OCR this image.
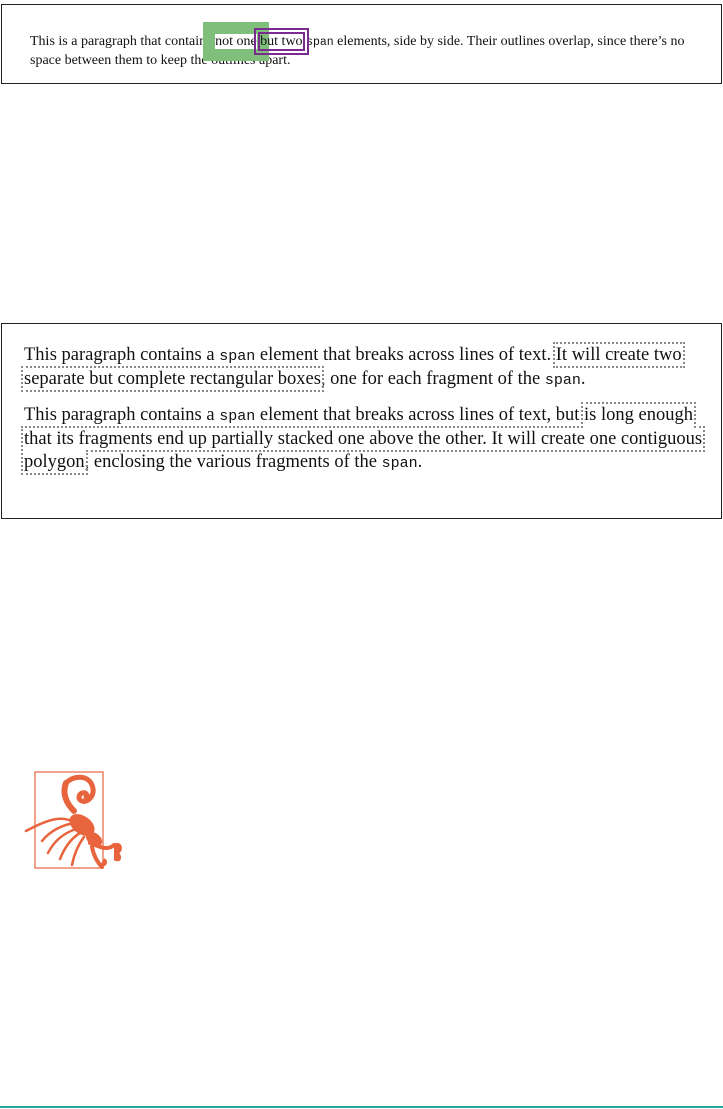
This is a paragraph that contains not one but two span elements, side by side. Their outlines overlap, since there’s no space between them to keep the outlines apart.

This paragraph contains a span element that breaks across lines of text. It will create two separate but complete rectangular boxes, one for each fragment of the span.

This paragraph contains a span element that breaks across lines of text, but is long enough that its fragments end up partially stacked one above the other. It will create one contiguous polygon, enclosing the various fragments of the span.
